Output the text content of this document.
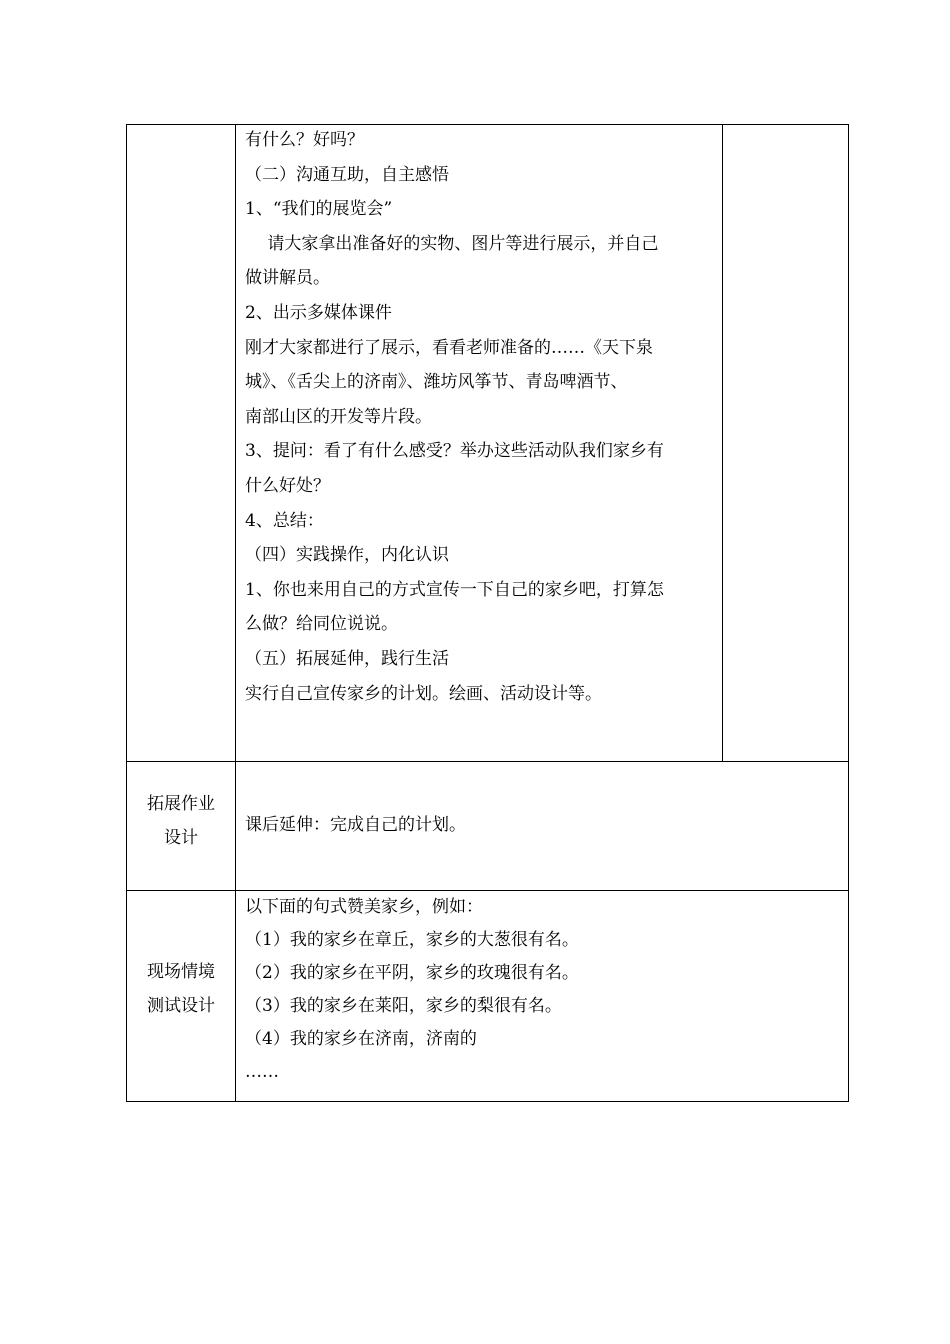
有什么？好吗？
（二）沟通互助，自主感悟
1、“我们的展览会”
　 请大家拿出准备好的实物、图片等进行展示，并自己
做讲解员。
2、出示多媒体课件
刚才大家都进行了展示，看看老师准备的……《天下泉
城》、《舌尖上的济南》、潍坊风筝节、青岛啤酒节、
南部山区的开发等片段。
3、提问：看了有什么感受？举办这些活动队我们家乡有
什么好处？
4、总结：
（四）实践操作，内化认识
1、你也来用自己的方式宣传一下自己的家乡吧，打算怎
么做？给同位说说。
（五）拓展延伸，践行生活
实行自己宣传家乡的计划。绘画、活动设计等。
拓展作业
设计
课后延伸：完成自己的计划。
现场情境
测试设计
以下面的句式赞美家乡，例如：
（1）我的家乡在章丘，家乡的大葱很有名。
（2）我的家乡在平阴，家乡的玫瑰很有名。
（3）我的家乡在莱阳，家乡的梨很有名。
（4）我的家乡在济南，济南的
……
